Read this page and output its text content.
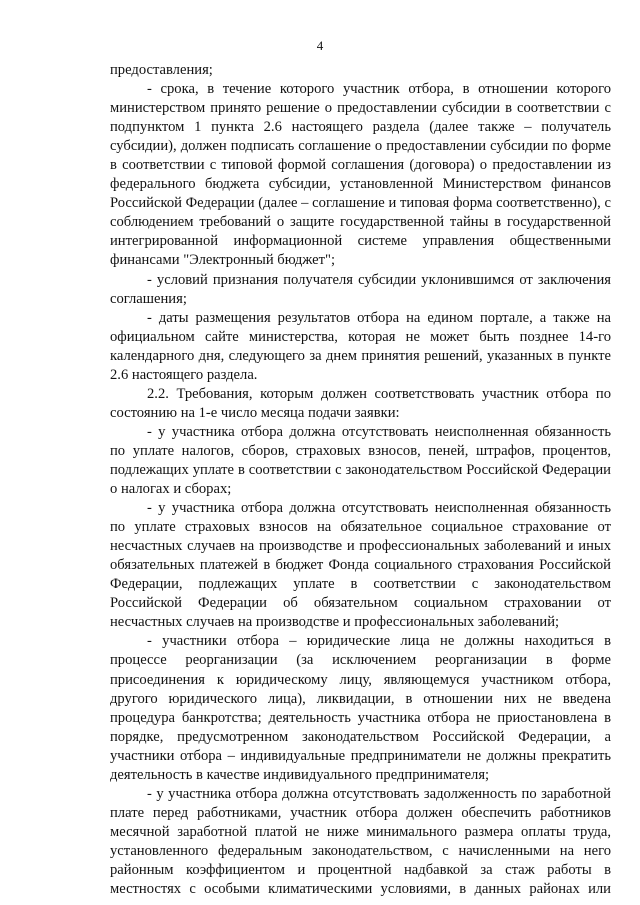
4

предоставления;

- срока, в течение которого участник отбора, в отношении которого министерством принято решение о предоставлении субсидии в соответствии с подпунктом 1 пункта 2.6 настоящего раздела (далее также – получатель субсидии), должен подписать соглашение о предоставлении субсидии по форме в соответствии с типовой формой соглашения (договора) о предоставлении из федерального бюджета субсидии, установленной Министерством финансов Российской Федерации (далее – соглашение и типовая форма соответственно), с соблюдением требований о защите государственной тайны в государственной интегрированной информационной системе управления общественными финансами "Электронный бюджет";

- условий признания получателя субсидии уклонившимся от заключения соглашения;

- даты размещения результатов отбора на едином портале, а также на официальном сайте министерства, которая не может быть позднее 14-го календарного дня, следующего за днем принятия решений, указанных в пункте 2.6 настоящего раздела.

2.2. Требования, которым должен соответствовать участник отбора по состоянию на 1-е число месяца подачи заявки:

- у участника отбора должна отсутствовать неисполненная обязанность по уплате налогов, сборов, страховых взносов, пеней, штрафов, процентов, подлежащих уплате в соответствии с законодательством Российской Федерации о налогах и сборах;

- у участника отбора должна отсутствовать неисполненная обязанность по уплате страховых взносов на обязательное социальное страхование от несчастных случаев на производстве и профессиональных заболеваний и иных обязательных платежей в бюджет Фонда социального страхования Российской Федерации, подлежащих уплате в соответствии с законодательством Российской Федерации об обязательном социальном страховании от несчастных случаев на производстве и профессиональных заболеваний;

- участники отбора – юридические лица не должны находиться в процессе реорганизации (за исключением реорганизации в форме присоединения к юридическому лицу, являющемуся участником отбора, другого юридического лица), ликвидации, в отношении них не введена процедура банкротства; деятельность участника отбора не приостановлена в порядке, предусмотренном законодательством Российской Федерации, а участники отбора – индивидуальные предприниматели не должны прекратить деятельность в качестве индивидуального предпринимателя;

- у участника отбора должна отсутствовать задолженность по заработной плате перед работниками, участник отбора должен обеспечить работников месячной заработной платой не ниже минимального размера оплаты труда, установленного федеральным законодательством, с начисленными на него районным коэффициентом и процентной надбавкой за стаж работы в местностях с особыми климатическими условиями, в данных районах или
